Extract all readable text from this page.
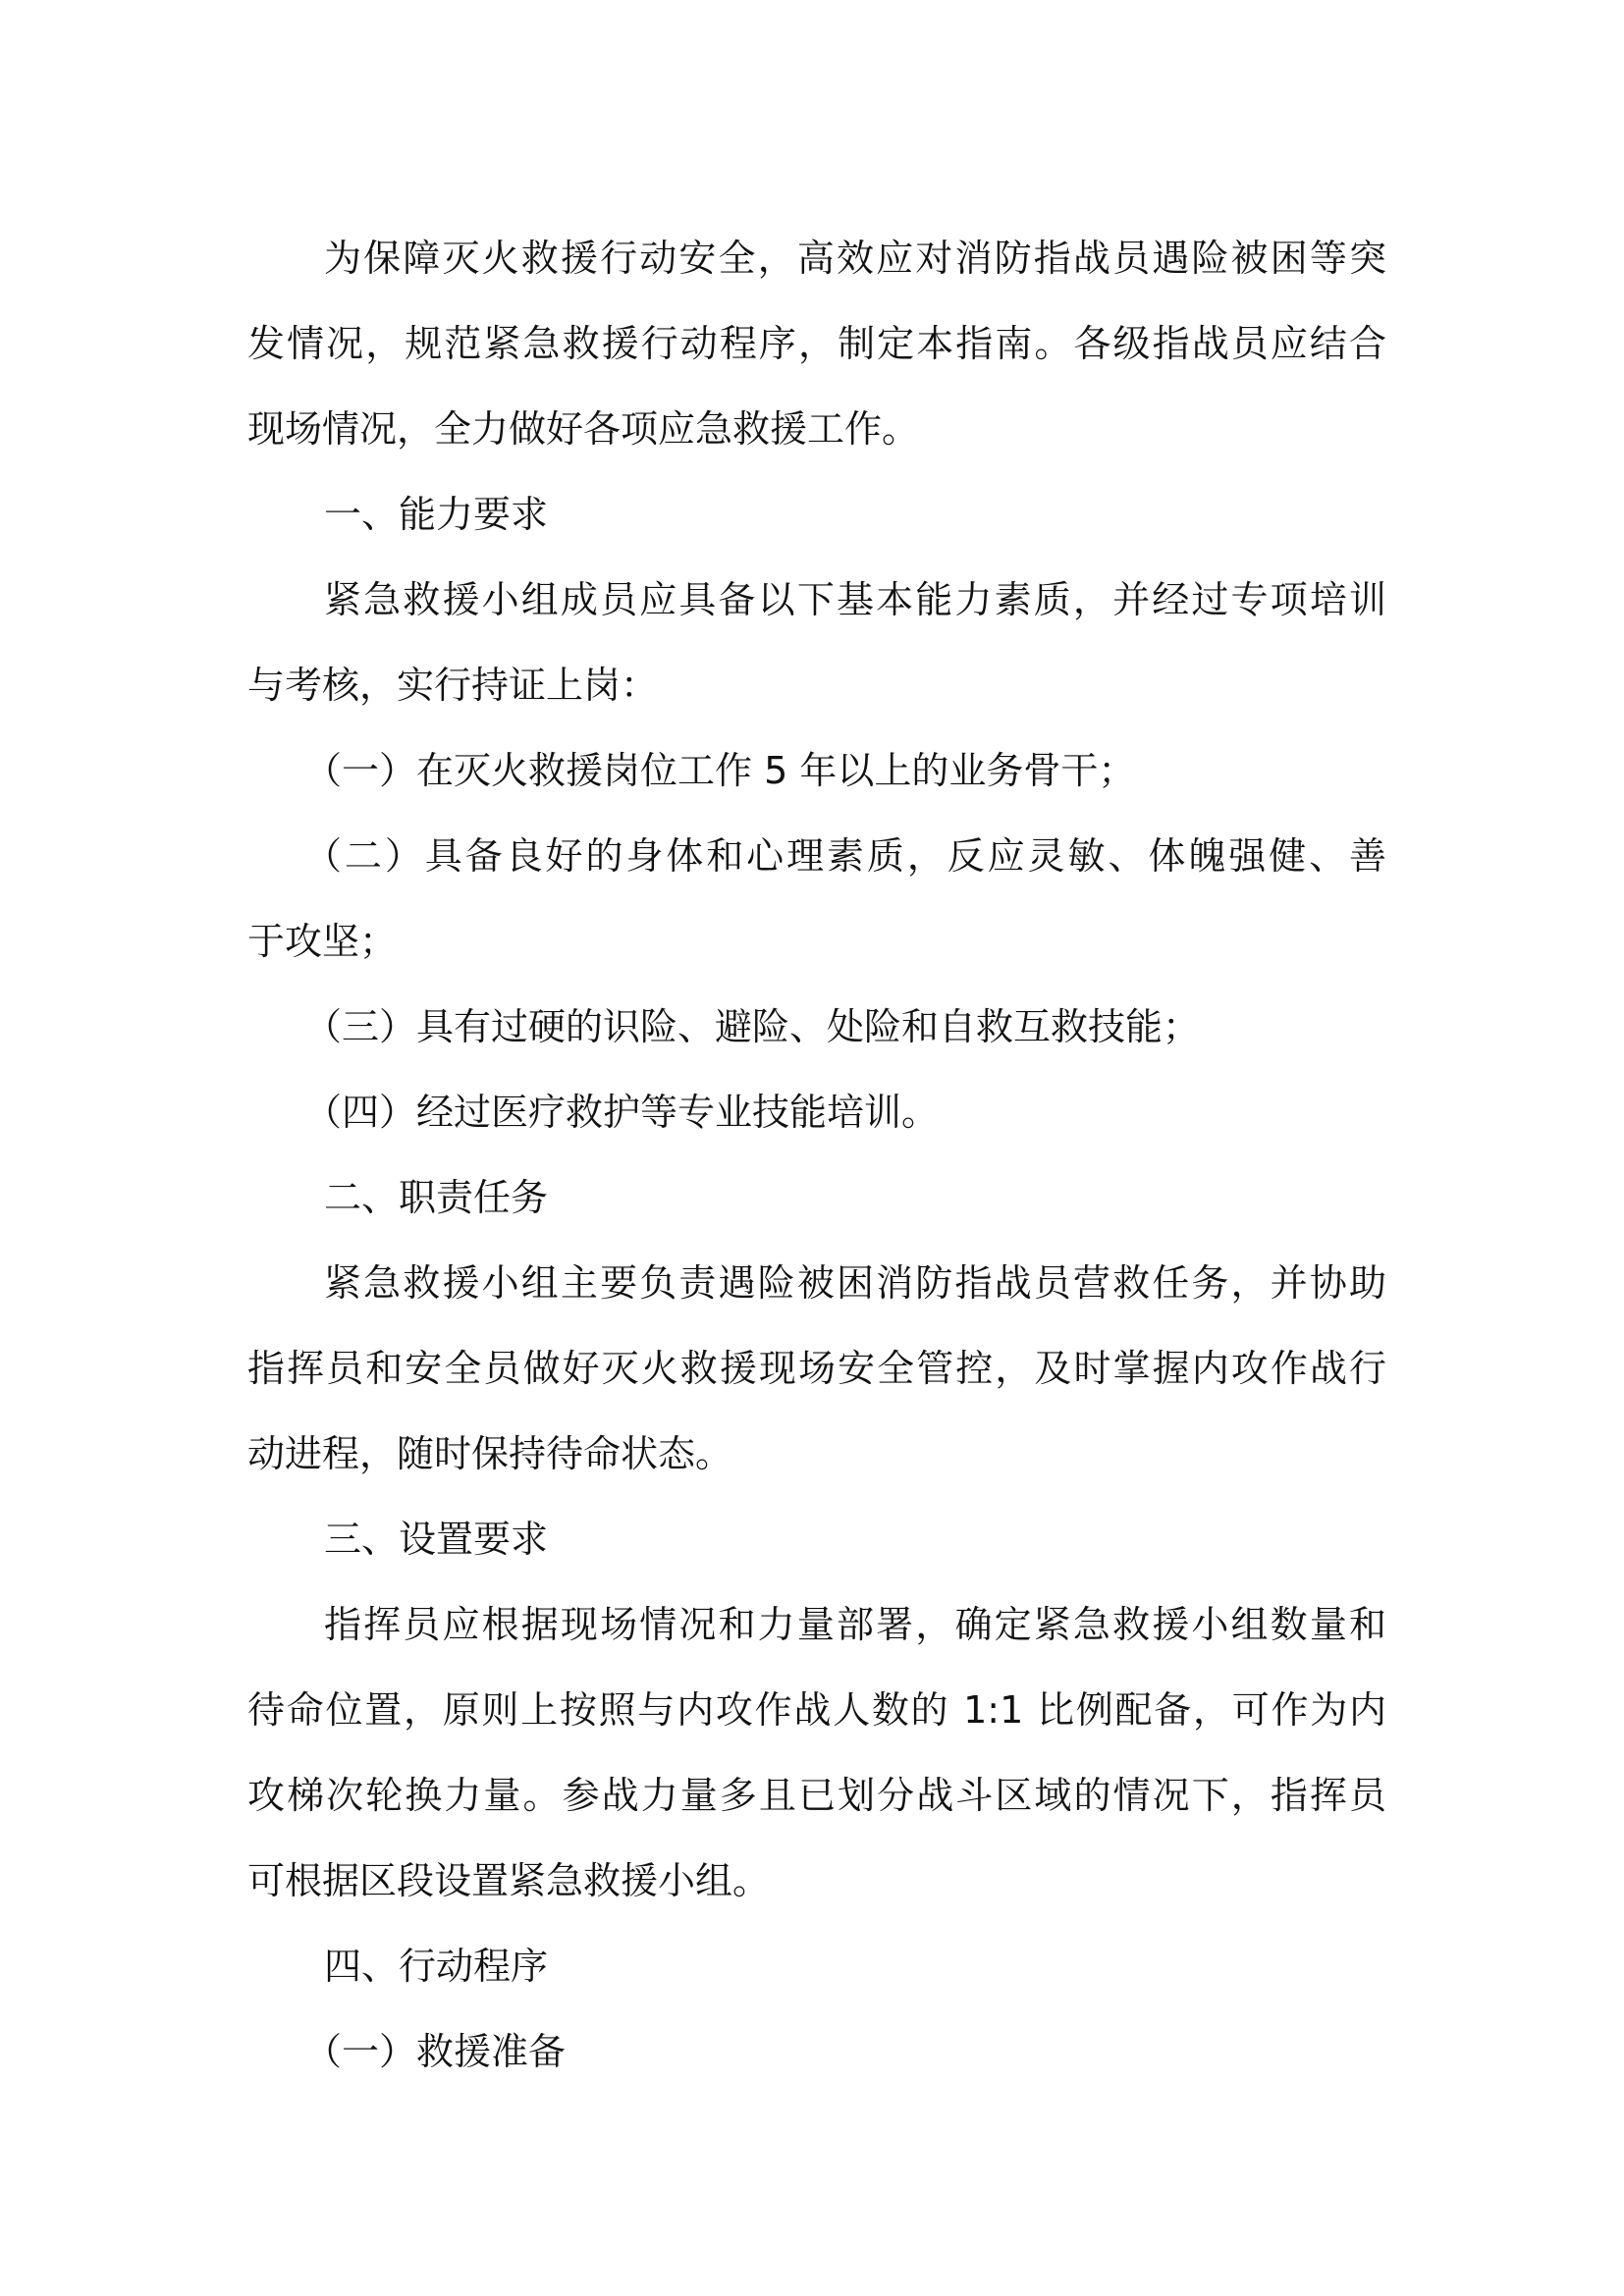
为保障灭火救援行动安全，高效应对消防指战员遇险被困等突
发情况，规范紧急救援行动程序，制定本指南。各级指战员应结合
现场情况，全力做好各项应急救援工作。
一、能力要求
紧急救援小组成员应具备以下基本能力素质，并经过专项培训
与考核，实行持证上岗：
（一）在灭火救援岗位工作 5 年以上的业务骨干；
（二）具备良好的身体和心理素质，反应灵敏、体魄强健、善
于攻坚；
（三）具有过硬的识险、避险、处险和自救互救技能；
（四）经过医疗救护等专业技能培训。
二、职责任务
紧急救援小组主要负责遇险被困消防指战员营救任务，并协助
指挥员和安全员做好灭火救援现场安全管控，及时掌握内攻作战行
动进程，随时保持待命状态。
三、设置要求
指挥员应根据现场情况和力量部署，确定紧急救援小组数量和
待命位置，原则上按照与内攻作战人数的 1:1 比例配备，可作为内
攻梯次轮换力量。参战力量多且已划分战斗区域的情况下，指挥员
可根据区段设置紧急救援小组。
四、行动程序
（一）救援准备
